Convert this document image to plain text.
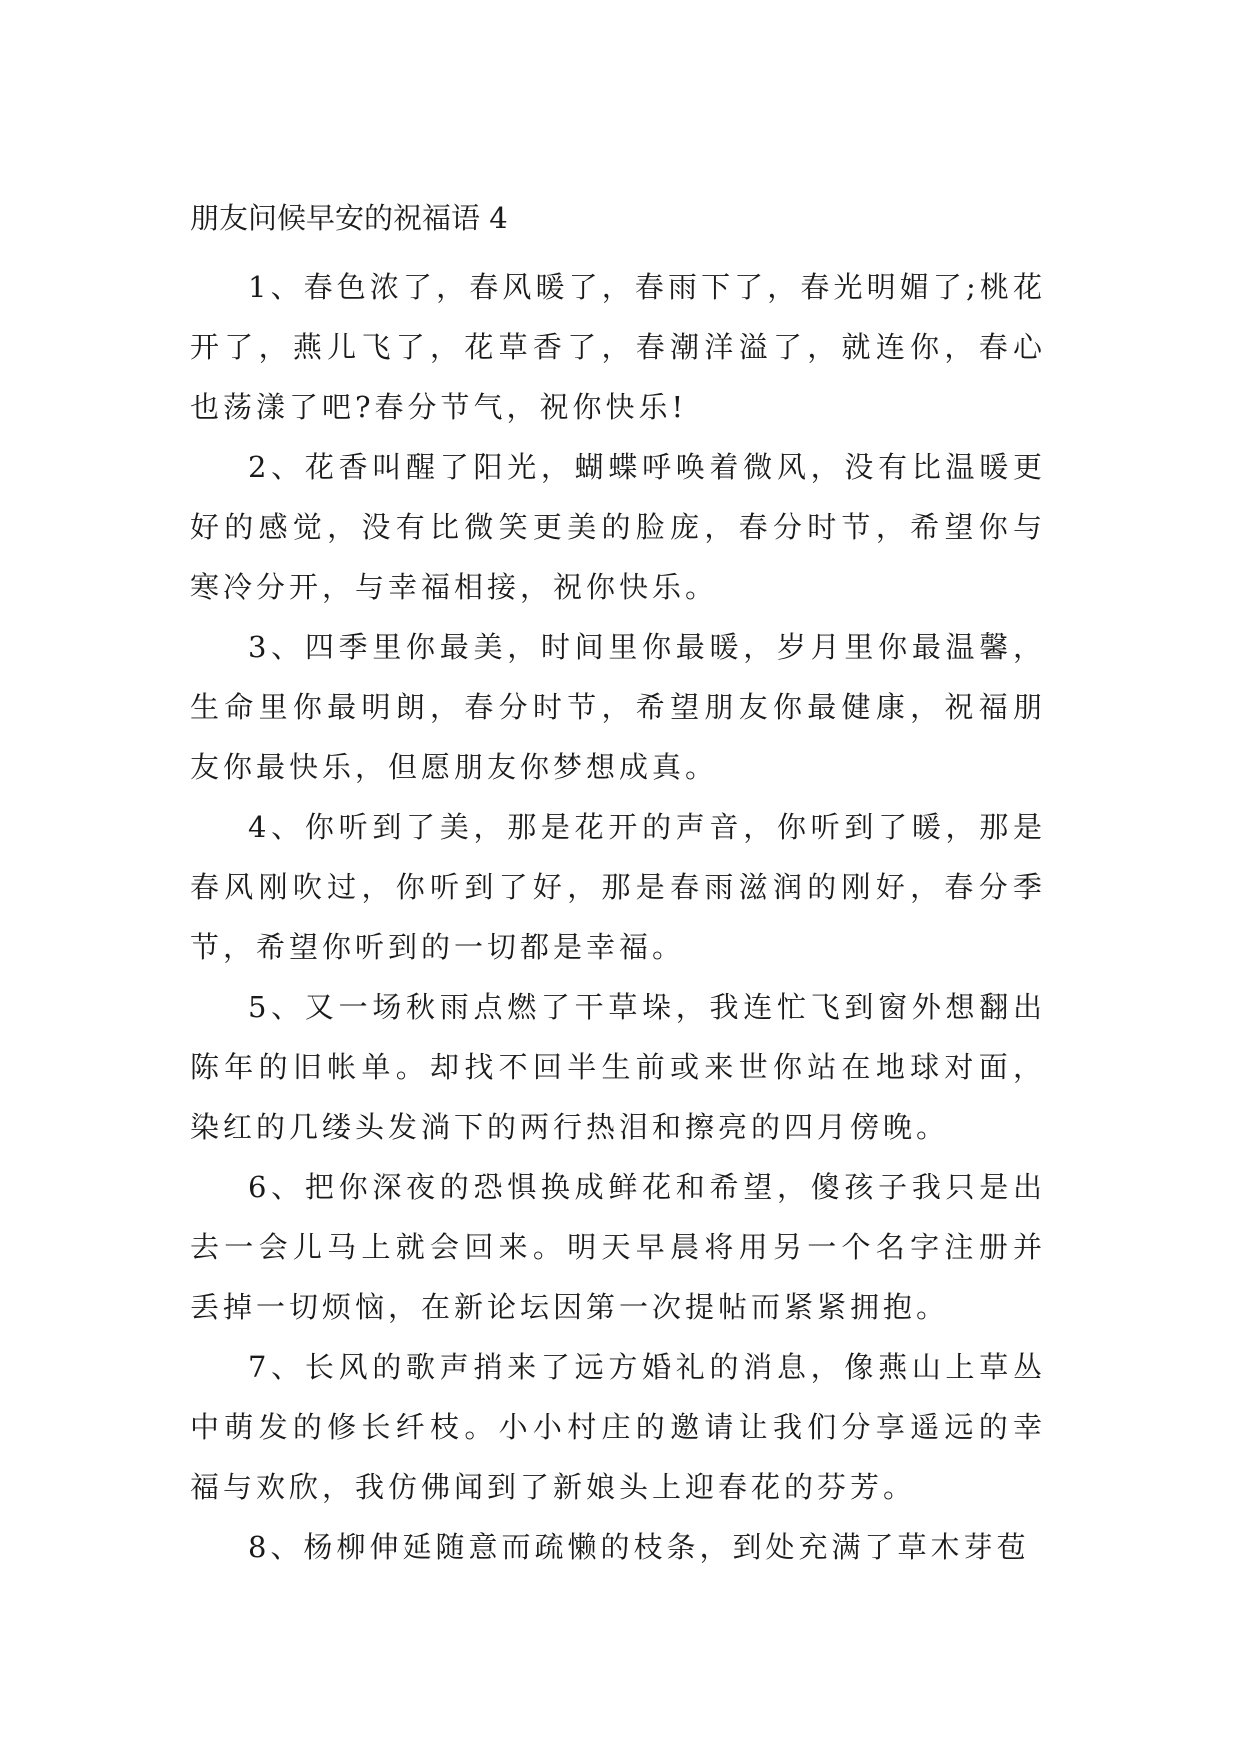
朋友问候早安的祝福语 4

1、春色浓了，春风暖了，春雨下了，春光明媚了;桃花开了，燕儿飞了，花草香了，春潮洋溢了，就连你，春心也荡漾了吧?春分节气，祝你快乐!

2、花香叫醒了阳光，蝴蝶呼唤着微风，没有比温暖更好的感觉，没有比微笑更美的脸庞，春分时节，希望你与寒冷分开，与幸福相接，祝你快乐。

3、四季里你最美，时间里你最暖，岁月里你最温馨，生命里你最明朗，春分时节，希望朋友你最健康，祝福朋友你最快乐，但愿朋友你梦想成真。

4、你听到了美，那是花开的声音，你听到了暖，那是春风刚吹过，你听到了好，那是春雨滋润的刚好，春分季节，希望你听到的一切都是幸福。

5、又一场秋雨点燃了干草垛，我连忙飞到窗外想翻出陈年的旧帐单。却找不回半生前或来世你站在地球对面，染红的几缕头发淌下的两行热泪和擦亮的四月傍晚。

6、把你深夜的恐惧换成鲜花和希望，傻孩子我只是出去一会儿马上就会回来。明天早晨将用另一个名字注册并丢掉一切烦恼，在新论坛因第一次提帖而紧紧拥抱。

7、长风的歌声捎来了远方婚礼的消息，像燕山上草丛中萌发的修长纤枝。小小村庄的邀请让我们分享遥远的幸福与欢欣，我仿佛闻到了新娘头上迎春花的芬芳。

8、杨柳伸延随意而疏懒的枝条，到处充满了草木芽苞
